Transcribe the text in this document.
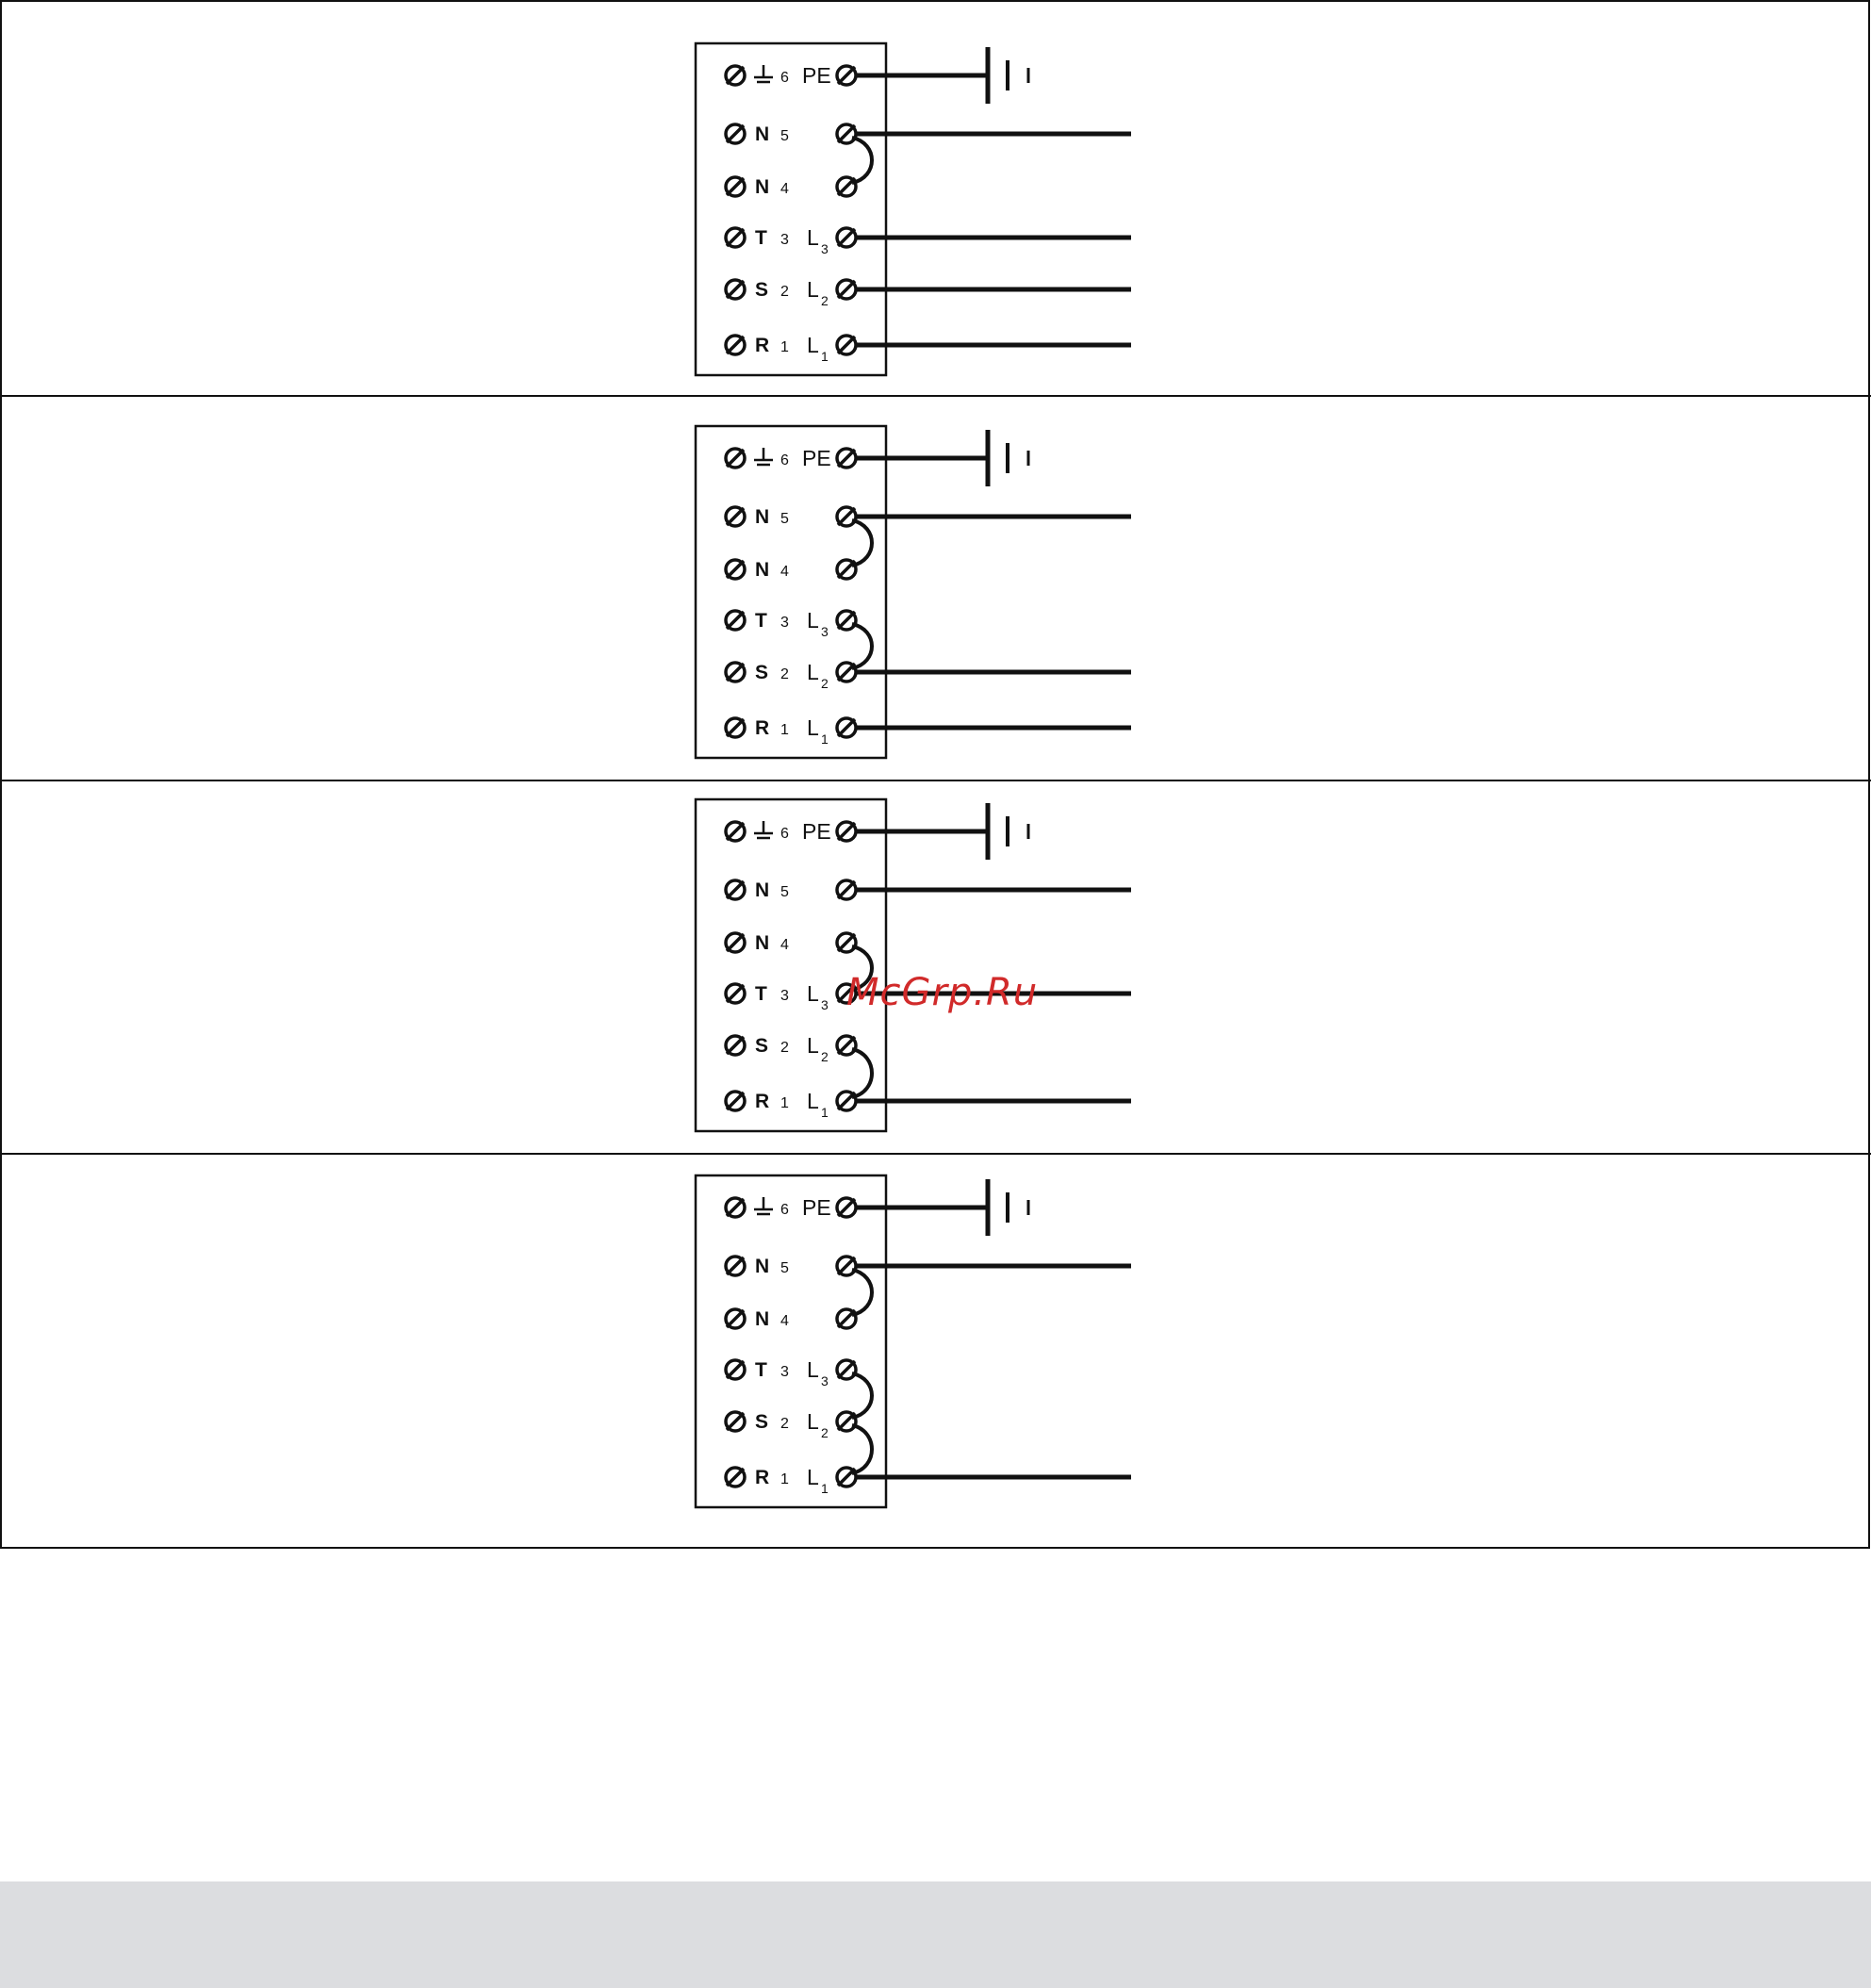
6 PE
N 5
N 4
T 3 L 3
S 2 L 2
R 1 L 1
6 PE
N 5
N 4
T 3 L 3
S 2 L 2
R 1 L 1
6 PE
N 5
N 4
T 3 L 3
S 2 L 2
R 1 L 1
6 PE
N 5
N 4
T 3 L 3
S 2 L 2
R 1 L 1
McGrp.Ru
